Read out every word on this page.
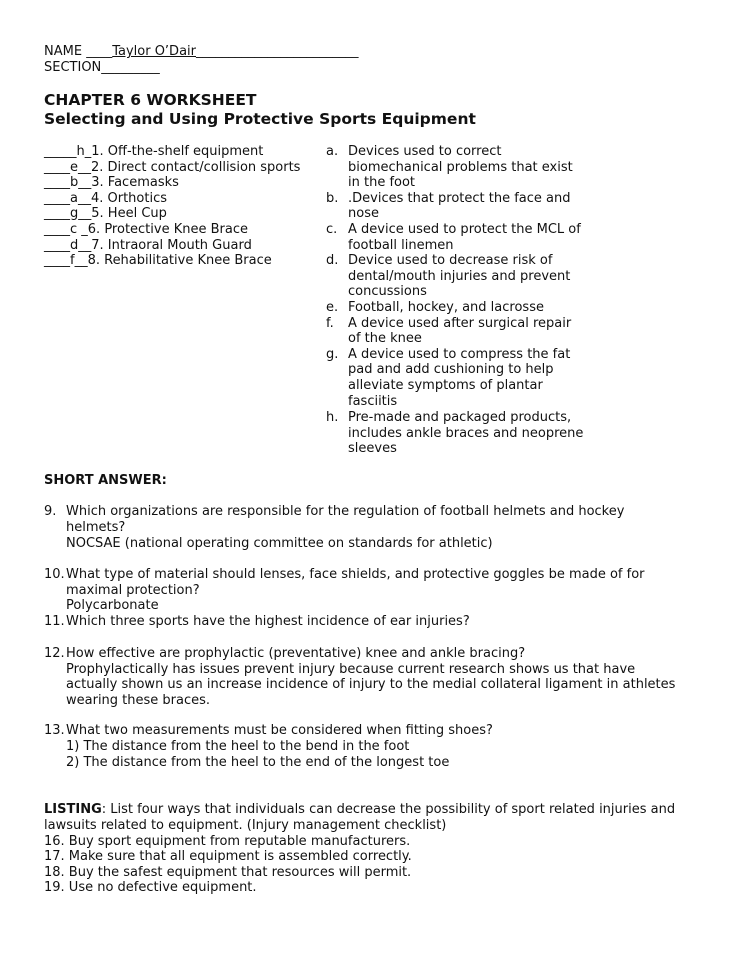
NAME ____Taylor O’Dair_________________________
SECTION_________
CHAPTER 6 WORKSHEET
Selecting and Using Protective Sports Equipment
_____h_1. Off-the-shelf equipment
____e__2. Direct contact/collision sports
____b__3. Facemasks
____a__4. Orthotics
____g__5. Heel Cup
____c _6. Protective Knee Brace
____d__7. Intraoral Mouth Guard
____f__8. Rehabilitative Knee Brace
a. Devices used to correct
biomechanical problems that exist
in the foot
b. .Devices that protect the face and
nose
c. A device used to protect the MCL of
football linemen
d. Device used to decrease risk of
dental/mouth injuries and prevent
concussions
e. Football, hockey, and lacrosse
f. A device used after surgical repair
of the knee
g. A device used to compress the fat
pad and add cushioning to help
alleviate symptoms of plantar
fasciitis
h. Pre-made and packaged products,
includes ankle braces and neoprene
sleeves
SHORT ANSWER:
9. Which organizations are responsible for the regulation of football helmets and hockey
helmets?
NOCSAE (national operating committee on standards for athletic)
10. What type of material should lenses, face shields, and protective goggles be made of for
maximal protection?
Polycarbonate
11. Which three sports have the highest incidence of ear injuries?
12. How effective are prophylactic (preventative) knee and ankle bracing?
Prophylactically has issues prevent injury because current research shows us that have
actually shown us an increase incidence of injury to the medial collateral ligament in athletes
wearing these braces.
13. What two measurements must be considered when fitting shoes?
1) The distance from the heel to the bend in the foot
2) The distance from the heel to the end of the longest toe
LISTING: List four ways that individuals can decrease the possibility of sport related injuries and
lawsuits related to equipment. (Injury management checklist)
16. Buy sport equipment from reputable manufacturers.
17. Make sure that all equipment is assembled correctly.
18. Buy the safest equipment that resources will permit.
19. Use no defective equipment.
